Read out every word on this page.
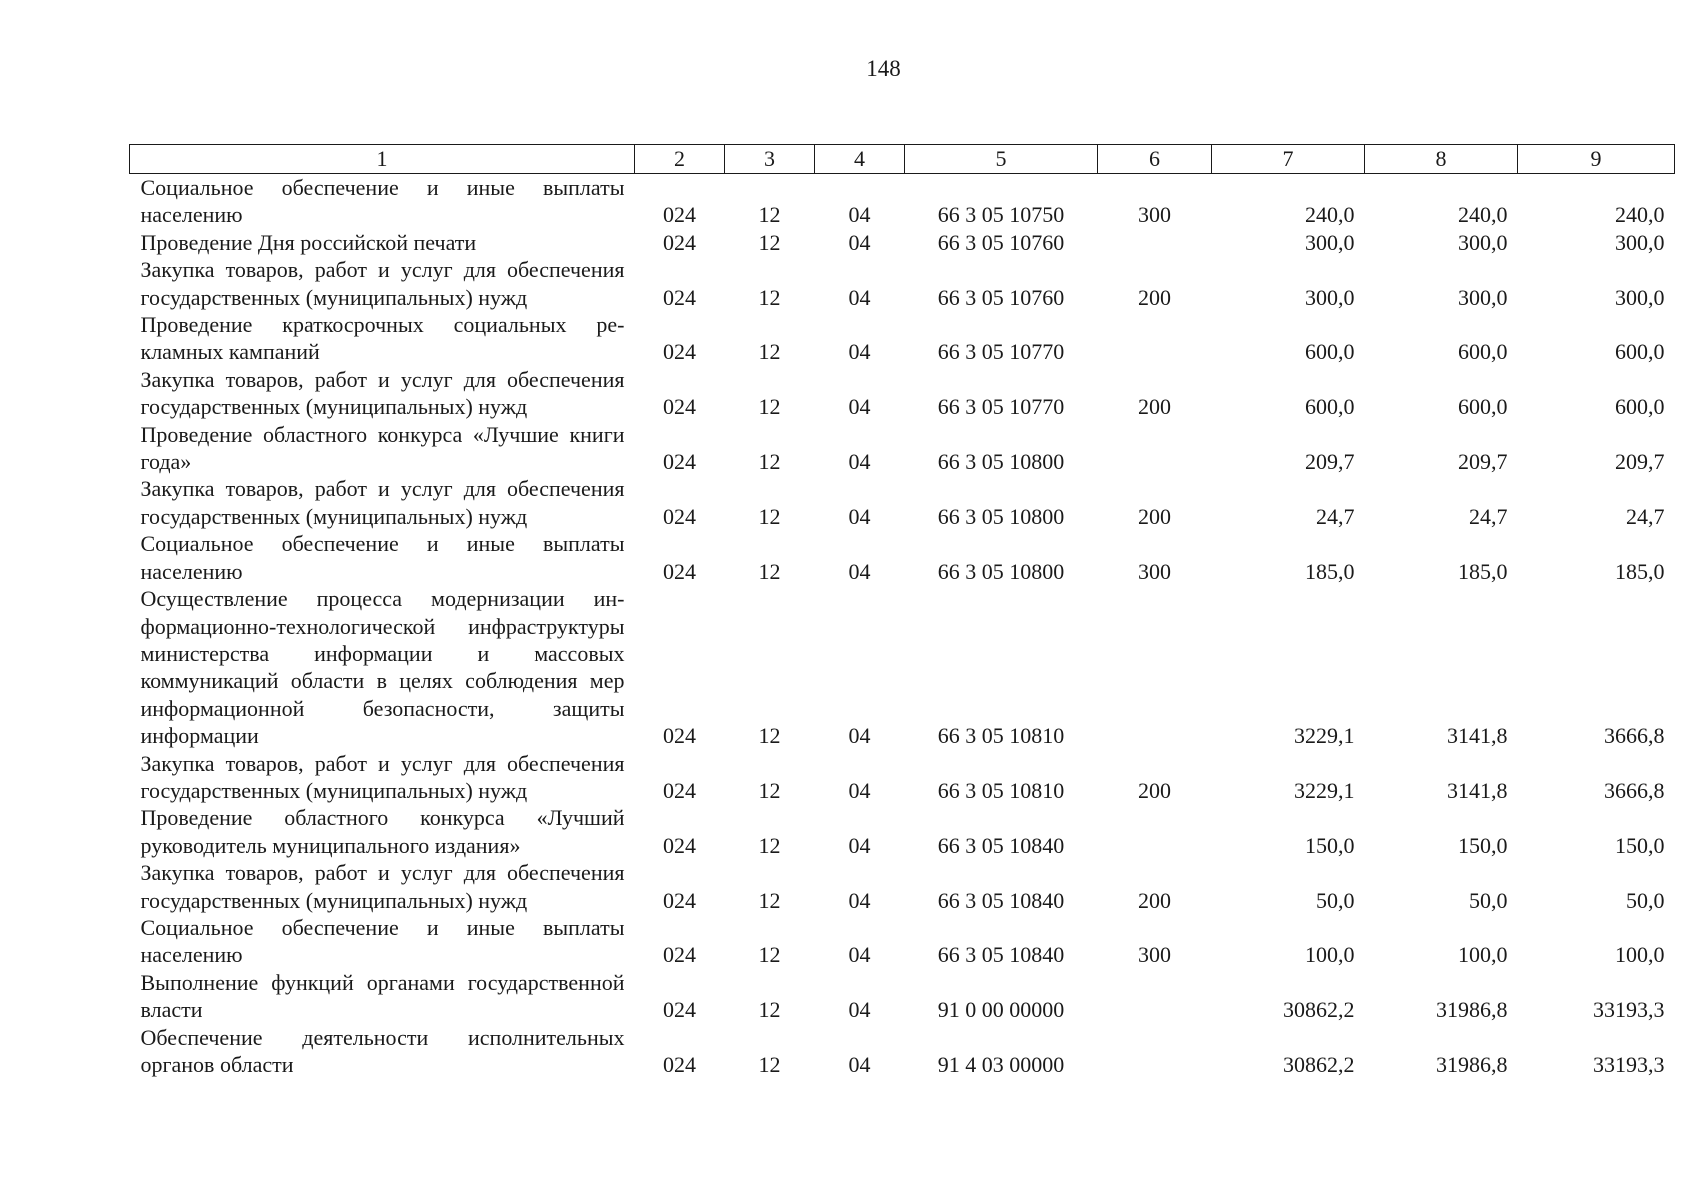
148
1	2	3	4	5	6	7	8	9
Социальное обеспечение и иные выплаты населению	024	12	04	66 3 05 10750	300	240,0	240,0	240,0
Проведение Дня российской печати	024	12	04	66 3 05 10760		300,0	300,0	300,0
Закупка товаров, работ и услуг для обеспечения государственных (муниципальных) нужд	024	12	04	66 3 05 10760	200	300,0	300,0	300,0
Проведение краткосрочных социальных рекламных кампаний	024	12	04	66 3 05 10770		600,0	600,0	600,0
Закупка товаров, работ и услуг для обеспечения государственных (муниципальных) нужд	024	12	04	66 3 05 10770	200	600,0	600,0	600,0
Проведение областного конкурса «Лучшие книги года»	024	12	04	66 3 05 10800		209,7	209,7	209,7
Закупка товаров, работ и услуг для обеспечения государственных (муниципальных) нужд	024	12	04	66 3 05 10800	200	24,7	24,7	24,7
Социальное обеспечение и иные выплаты населению	024	12	04	66 3 05 10800	300	185,0	185,0	185,0
Осуществление процесса модернизации информационно-технологической инфраструктуры министерства информации и массовых коммуникаций области в целях соблюдения мер информационной безопасности, защиты информации	024	12	04	66 3 05 10810		3229,1	3141,8	3666,8
Закупка товаров, работ и услуг для обеспечения государственных (муниципальных) нужд	024	12	04	66 3 05 10810	200	3229,1	3141,8	3666,8
Проведение областного конкурса «Лучший руководитель муниципального издания»	024	12	04	66 3 05 10840		150,0	150,0	150,0
Закупка товаров, работ и услуг для обеспечения государственных (муниципальных) нужд	024	12	04	66 3 05 10840	200	50,0	50,0	50,0
Социальное обеспечение и иные выплаты населению	024	12	04	66 3 05 10840	300	100,0	100,0	100,0
Выполнение функций органами государственной власти	024	12	04	91 0 00 00000		30862,2	31986,8	33193,3
Обеспечение деятельности исполнительных органов области	024	12	04	91 4 03 00000		30862,2	31986,8	33193,3
